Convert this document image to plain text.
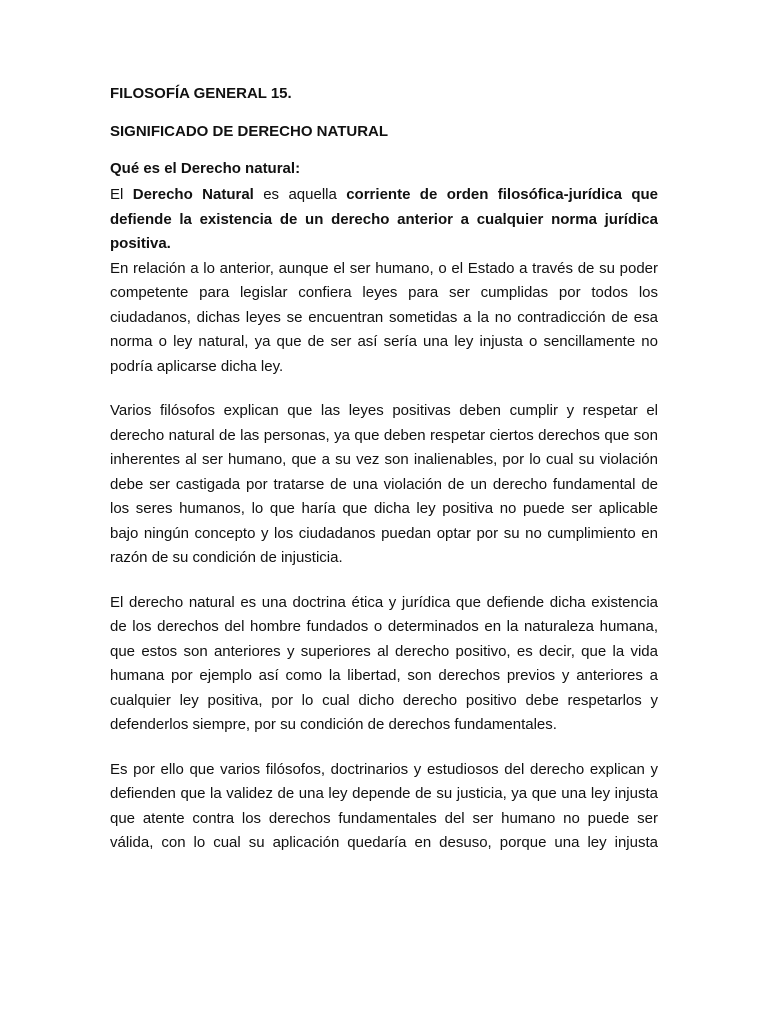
FILOSOFÍA GENERAL 15.

SIGNIFICADO DE DERECHO NATURAL

Qué es el Derecho natural:

El Derecho Natural es aquella corriente de orden filosófica-jurídica que defiende la existencia de un derecho anterior a cualquier norma jurídica positiva.

En relación a lo anterior, aunque el ser humano, o el Estado a través de su poder competente para legislar confiera leyes para ser cumplidas por todos los ciudadanos, dichas leyes se encuentran sometidas a la no contradicción de esa norma o ley natural, ya que de ser así sería una ley injusta o sencillamente no podría aplicarse dicha ley.

Varios filósofos explican que las leyes positivas deben cumplir y respetar el derecho natural de las personas, ya que deben respetar ciertos derechos que son inherentes al ser humano, que a su vez son inalienables, por lo cual su violación debe ser castigada por tratarse de una violación de un derecho fundamental de los seres humanos, lo que haría que dicha ley positiva no puede ser aplicable bajo ningún concepto y los ciudadanos puedan optar por su no cumplimiento en razón de su condición de injusticia.

El derecho natural es una doctrina ética y jurídica que defiende dicha existencia de los derechos del hombre fundados o determinados en la naturaleza humana, que estos son anteriores y superiores al derecho positivo, es decir, que la vida humana por ejemplo así como la libertad, son derechos previos y anteriores a cualquier ley positiva, por lo cual dicho derecho positivo debe respetarlos y defenderlos siempre, por su condición de derechos fundamentales.

Es por ello que varios filósofos, doctrinarios y estudiosos del derecho explican y defienden que la validez de una ley depende de su justicia, ya que una ley injusta que atente contra los derechos fundamentales del ser humano no puede ser válida, con lo cual su aplicación quedaría en desuso, porque una ley injusta
